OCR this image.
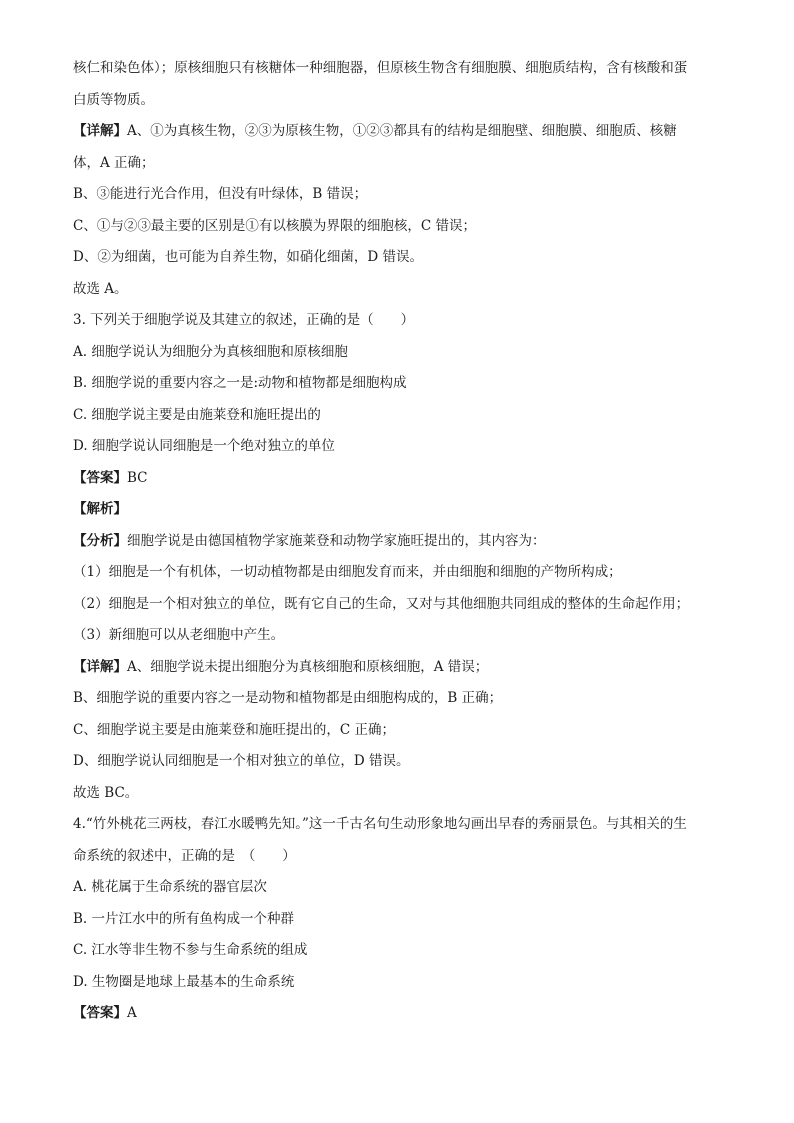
核仁和染色体）；原核细胞只有核糖体一种细胞器，但原核生物含有细胞膜、细胞质结构，含有核酸和蛋
白质等物质。
【详解】A、①为真核生物，②③为原核生物，①②③都具有的结构是细胞壁、细胞膜、细胞质、核糖
体，A 正确；
B、③能进行光合作用，但没有叶绿体，B 错误；
C、①与②③最主要的区别是①有以核膜为界限的细胞核，C 错误；
D、②为细菌，也可能为自养生物，如硝化细菌，D 错误。
故选 A。
3. 下列关于细胞学说及其建立的叙述，正确的是（　　）
A. 细胞学说认为细胞分为真核细胞和原核细胞
B. 细胞学说的重要内容之一是:动物和植物都是细胞构成
C. 细胞学说主要是由施莱登和施旺提出的
D. 细胞学说认同细胞是一个绝对独立的单位
【答案】BC
【解析】
【分析】细胞学说是由德国植物学家施莱登和动物学家施旺提出的，其内容为：
（1）细胞是一个有机体，一切动植物都是由细胞发育而来，并由细胞和细胞的产物所构成；
（2）细胞是一个相对独立的单位，既有它自己的生命，又对与其他细胞共同组成的整体的生命起作用；
（3）新细胞可以从老细胞中产生。
【详解】A、细胞学说未提出细胞分为真核细胞和原核细胞，A 错误；
B、细胞学说的重要内容之一是动物和植物都是由细胞构成的，B 正确；
C、细胞学说主要是由施莱登和施旺提出的，C 正确；
D、细胞学说认同细胞是一个相对独立的单位，D 错误。
故选 BC。
4.“竹外桃花三两枝，春江水暖鸭先知。”这一千古名句生动形象地勾画出早春的秀丽景色。与其相关的生
命系统的叙述中，正确的是　（　　）
A. 桃花属于生命系统的器官层次
B. 一片江水中的所有鱼构成一个种群
C. 江水等非生物不参与生命系统的组成
D. 生物圈是地球上最基本的生命系统
【答案】A
